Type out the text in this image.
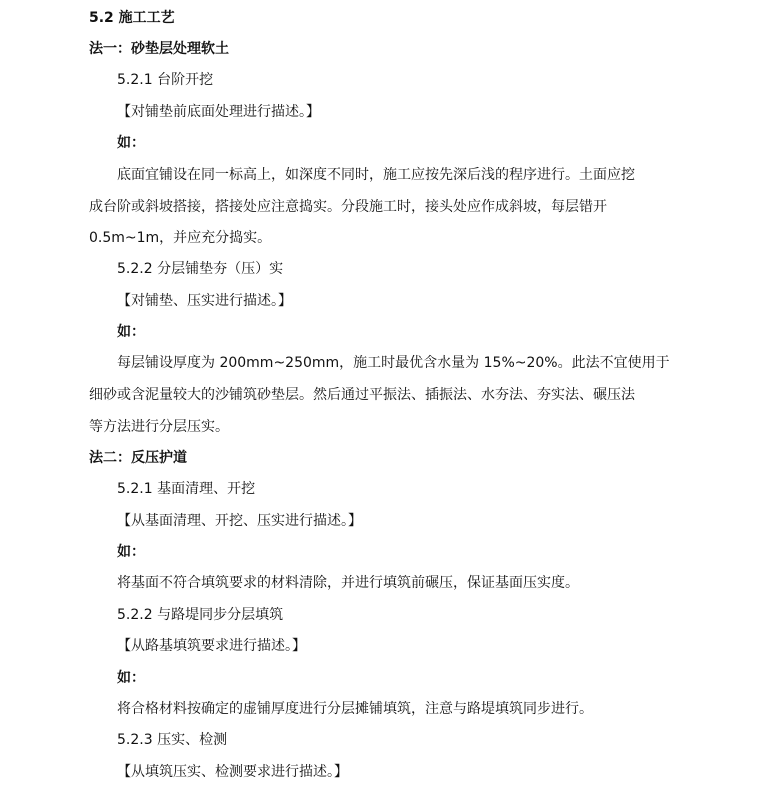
5.2 施工工艺
法一：砂垫层处理软土
5.2.1 台阶开挖
【对铺垫前底面处理进行描述。】
如：
底面宜铺设在同一标高上，如深度不同时，施工应按先深后浅的程序进行。土面应挖
成台阶或斜坡搭接，搭接处应注意捣实。分段施工时，接头处应作成斜坡，每层错开
0.5m~1m，并应充分捣实。
5.2.2 分层铺垫夯（压）实
【对铺垫、压实进行描述。】
如：
每层铺设厚度为 200mm~250mm，施工时最优含水量为 15%~20%。此法不宜使用于
细砂或含泥量较大的沙铺筑砂垫层。然后通过平振法、插振法、水夯法、夯实法、碾压法
等方法进行分层压实。
法二：反压护道
5.2.1 基面清理、开挖
【从基面清理、开挖、压实进行描述。】
如：
将基面不符合填筑要求的材料清除，并进行填筑前碾压，保证基面压实度。
5.2.2 与路堤同步分层填筑
【从路基填筑要求进行描述。】
如：
将合格材料按确定的虚铺厚度进行分层摊铺填筑，注意与路堤填筑同步进行。
5.2.3 压实、检测
【从填筑压实、检测要求进行描述。】
